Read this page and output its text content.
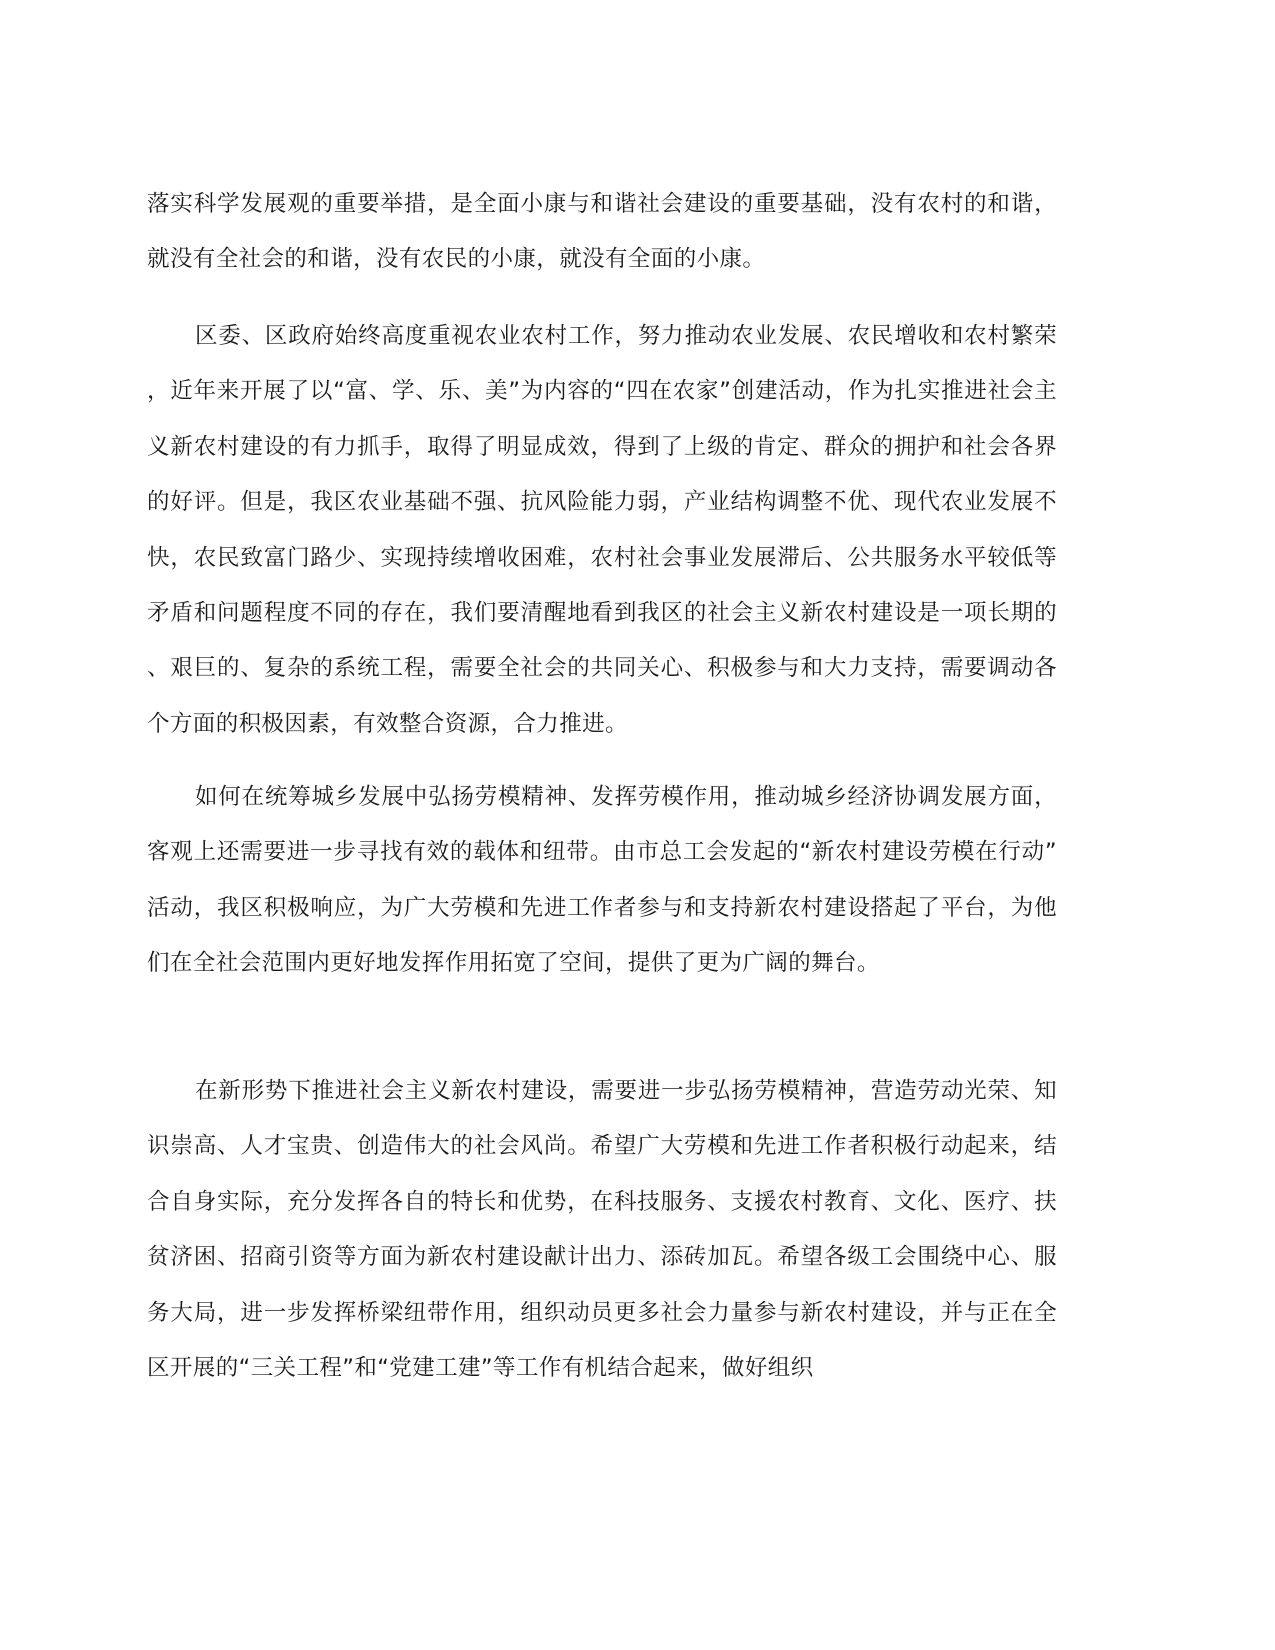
落实科学发展观的重要举措，是全面小康与和谐社会建设的重要基础，没有农村的和谐，就没有全社会的和谐，没有农民的小康，就没有全面的小康。

区委、区政府始终高度重视农业农村工作，努力推动农业发展、农民增收和农村繁荣，近年来开展了以“富、学、乐、美”为内容的“四在农家”创建活动，作为扎实推进社会主义新农村建设的有力抓手，取得了明显成效，得到了上级的肯定、群众的拥护和社会各界的好评。但是，我区农业基础不强、抗风险能力弱，产业结构调整不优、现代农业发展不快，农民致富门路少、实现持续增收困难，农村社会事业发展滞后、公共服务水平较低等矛盾和问题程度不同的存在，我们要清醒地看到我区的社会主义新农村建设是一项长期的、艰巨的、复杂的系统工程，需要全社会的共同关心、积极参与和大力支持，需要调动各个方面的积极因素，有效整合资源，合力推进。

如何在统筹城乡发展中弘扬劳模精神、发挥劳模作用，推动城乡经济协调发展方面，客观上还需要进一步寻找有效的载体和纽带。由市总工会发起的“新农村建设劳模在行动”活动，我区积极响应，为广大劳模和先进工作者参与和支持新农村建设搭起了平台，为他们在全社会范围内更好地发挥作用拓宽了空间，提供了更为广阔的舞台。

在新形势下推进社会主义新农村建设，需要进一步弘扬劳模精神，营造劳动光荣、知识崇高、人才宝贵、创造伟大的社会风尚。希望广大劳模和先进工作者积极行动起来，结合自身实际，充分发挥各自的特长和优势，在科技服务、支援农村教育、文化、医疗、扶贫济困、招商引资等方面为新农村建设献计出力、添砖加瓦。希望各级工会围绕中心、服务大局，进一步发挥桥梁纽带作用，组织动员更多社会力量参与新农村建设，并与正在全区开展的“三关工程”和“党建工建”等工作有机结合起来，做好组织
